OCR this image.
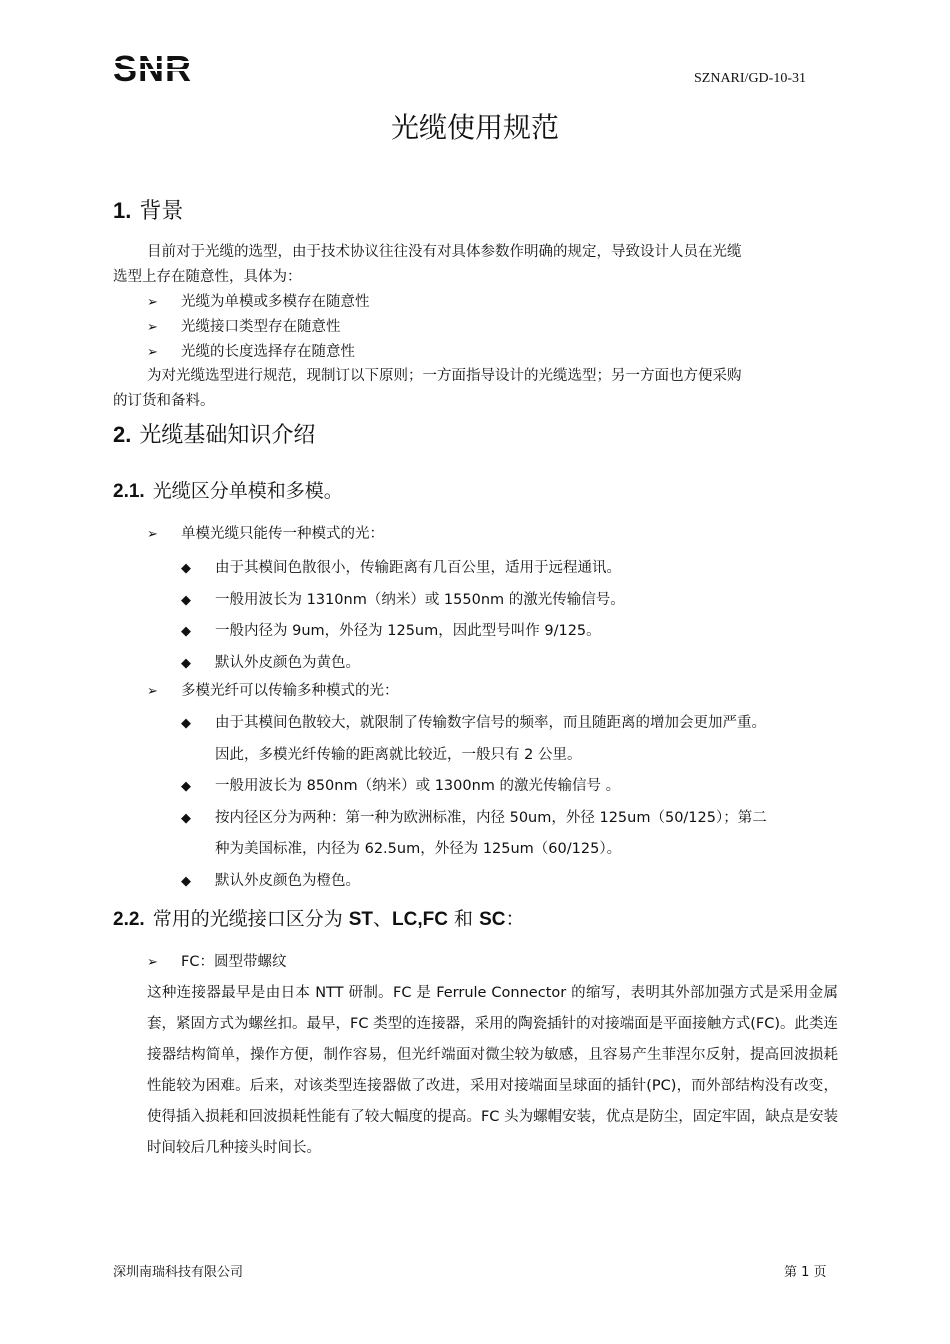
SNR	SZNARI/GD-10-31
光缆使用规范
1. 背景
目前对于光缆的选型，由于技术协议往往没有对具体参数作明确的规定，导致设计人员在光缆
选型上存在随意性，具体为：
➢ 光缆为单模或多模存在随意性
➢ 光缆接口类型存在随意性
➢ 光缆的长度选择存在随意性
为对光缆选型进行规范，现制订以下原则；一方面指导设计的光缆选型；另一方面也方便采购
的订货和备料。
2. 光缆基础知识介绍
2.1. 光缆区分单模和多模。
➢ 单模光缆只能传一种模式的光：
◆ 由于其模间色散很小，传输距离有几百公里，适用于远程通讯。
◆ 一般用波长为 1310nm（纳米）或 1550nm 的激光传输信号。
◆ 一般内径为 9um，外径为 125um，因此型号叫作 9/125。
◆ 默认外皮颜色为黄色。
➢ 多模光纤可以传输多种模式的光：
◆ 由于其模间色散较大，就限制了传输数字信号的频率，而且随距离的增加会更加严重。
因此，多模光纤传输的距离就比较近，一般只有 2 公里。
◆ 一般用波长为 850nm（纳米）或 1300nm 的激光传输信号 。
◆ 按内径区分为两种：第一种为欧洲标准，内径 50um，外径 125um（50/125）；第二
种为美国标准，内径为 62.5um，外径为 125um（60/125）。
◆ 默认外皮颜色为橙色。
2.2. 常用的光缆接口区分为 ST、LC,FC 和 SC：
➢ FC：圆型带螺纹
这种连接器最早是由日本 NTT 研制。FC 是 Ferrule Connector 的缩写，表明其外部加强方式是采用金属套，紧固方式为螺丝扣。最早，FC 类型的连接器，采用的陶瓷插针的对接端面是平面接触方式(FC)。此类连接器结构简单，操作方便，制作容易，但光纤端面对微尘较为敏感，且容易产生菲涅尔反射，提高回波损耗性能较为困难。后来，对该类型连接器做了改进，采用对接端面呈球面的插针(PC)，而外部结构没有改变，使得插入损耗和回波损耗性能有了较大幅度的提高。FC 头为螺帽安装，优点是防尘，固定牢固，缺点是安装时间较后几种接头时间长。
深圳南瑞科技有限公司	第 1 页
